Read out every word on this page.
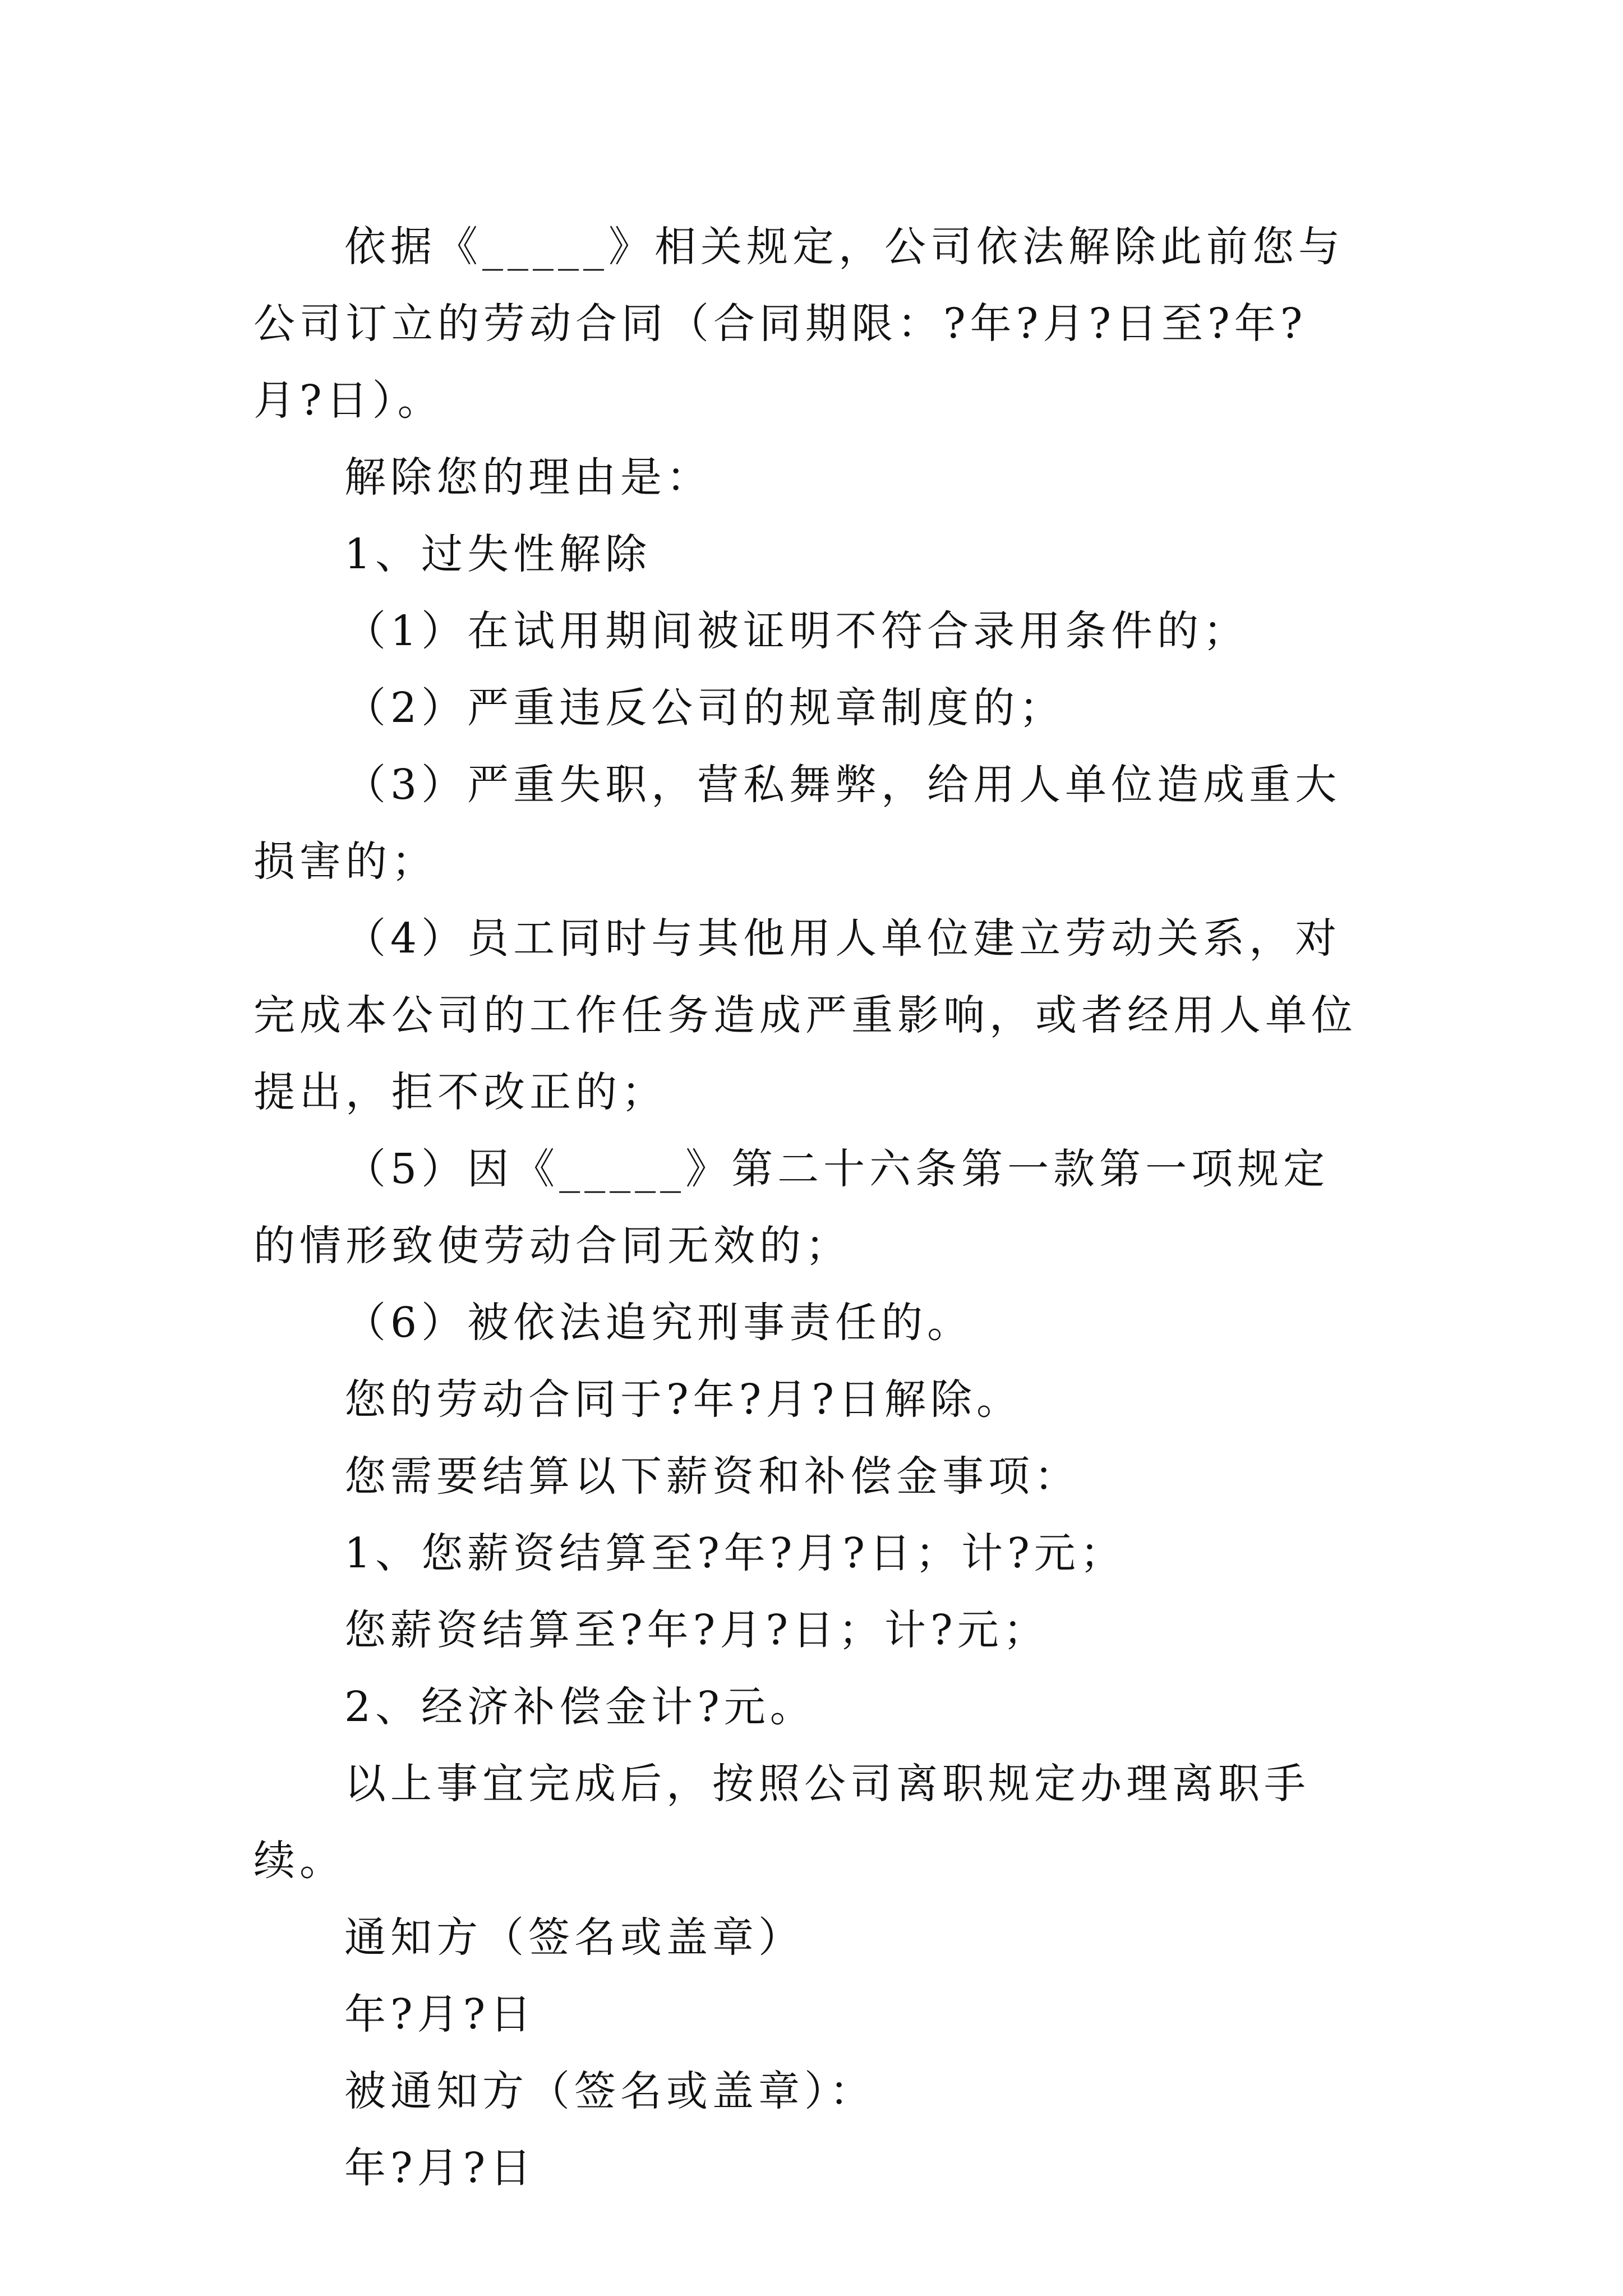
依据《_____》相关规定，公司依法解除此前您与公司订立的劳动合同（合同期限：?年?月?日至?年?月?日）。

解除您的理由是：

1、过失性解除

（1）在试用期间被证明不符合录用条件的；

（2）严重违反公司的规章制度的；

（3）严重失职，营私舞弊，给用人单位造成重大损害的；

（4）员工同时与其他用人单位建立劳动关系，对完成本公司的工作任务造成严重影响，或者经用人单位提出，拒不改正的；

（5）因《_____》第二十六条第一款第一项规定的情形致使劳动合同无效的；

（6）被依法追究刑事责任的。

您的劳动合同于?年?月?日解除。

您需要结算以下薪资和补偿金事项：

1、您薪资结算至?年?月?日；计?元；

您薪资结算至?年?月?日；计?元；

2、经济补偿金计?元。

以上事宜完成后，按照公司离职规定办理离职手续。

通知方（签名或盖章）

年?月?日

被通知方（签名或盖章）：

年?月?日
